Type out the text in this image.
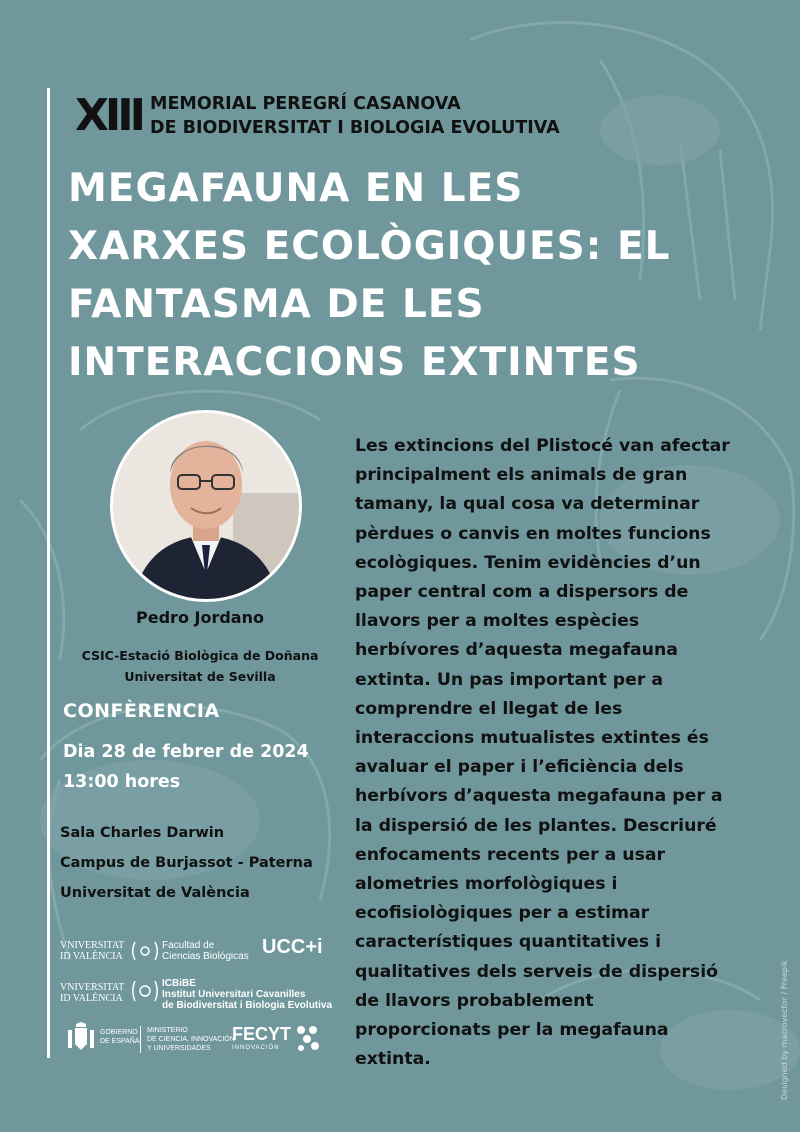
XIII MEMORIAL PEREGRÍ CASANOVA
DE BIODIVERSITAT I BIOLOGIA EVOLUTIVA
MEGAFAUNA EN LES
XARXES ECOLÒGIQUES: EL
FANTASMA DE LES
INTERACCIONS EXTINTES
Pedro Jordano
CSIC-Estació Biològica de Doñana
Universitat de Sevilla
CONFÈRENCIA
Dia 28 de febrer de 2024
13:00 hores
Sala Charles Darwin
Campus de Burjassot - Paterna
Universitat de València
Les extincions del Plistocé van afectar
principalment els animals de gran
tamany, la qual cosa va determinar
pèrdues o canvis en moltes funcions
ecològiques. Tenim evidències d’un
paper central com a dispersors de
llavors per a moltes espècies
herbívores d’aquesta megafauna
extinta. Un pas important per a
comprendre el llegat de les
interaccions mutualistes extintes és
avaluar el paper i l’eficiència dels
herbívors d’aquesta megafauna per a
la dispersió de les plantes. Descriuré
enfocaments recents per a usar
alometries morfològiques i
ecofisiològiques per a estimar
característiques quantitatives i
qualitatives dels serveis de dispersió
de llavors probablement
proporcionats per la megafauna
extinta.
VNIVERSITAT
ID VALÈNCIA
Facultad de
Ciencias Biológicas UCC+i
VNIVERSITAT
ID VALÈNCIA
ICBiBE
Institut Universitari Cavanilles
de Biodiversitat i Biologia Evolutiva
GOBIERNO
DE ESPAÑA
MINISTERIO
DE CIENCIA, INNOVACIÓN
Y UNIVERSIDADES
FECYT
INNOVACIÓN	Designed by macrovector / Freepik
